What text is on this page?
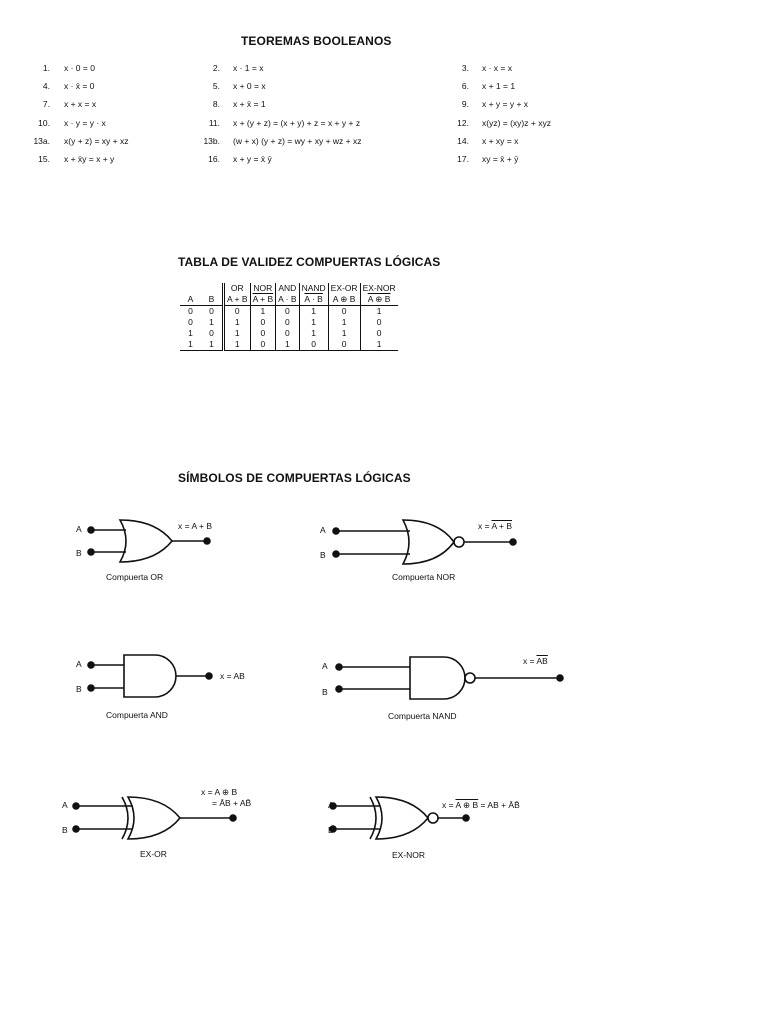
TEOREMAS BOOLEANOS
1. x · 0 = 0	2. x · 1 = x	3. x · x = x
4. x · x̄ = 0	5. x + 0 = x	6. x + 1 = 1
7. x + x = x	8. x + x̄ = 1	9. x + y = y + x
10. x · y = y · x	11. x + (y + z) = (x + y) + z = x + y + z	12. x(yz) = (xy)z + xyz
13a. x(y + z) = xy + xz	13b. (w + x) (y + z) = wy + xy + wz + xz	14. x + xy = x
15. x + x̄y = x + y	16. x + y = x̄ ȳ	17. xy = x̄ + ȳ
TABLA DE VALIDEZ COMPUERTAS LÓGICAS
		OR	NOR	AND	NAND	EX-OR	EX-NOR
A	B	A + B	A + B	A · B	A · B	A ⊕ B	A ⊕ B
0	0	0	1	0	1	0	1
0	1	1	0	0	1	1	0
1	0	1	0	0	1	1	0
1	1	1	0	1	0	0	1
SÍMBOLOS DE COMPUERTAS LÓGICAS
A
B
x = A + B
Compuerta OR
A
B
x = A + B
Compuerta NOR
A
B
x = AB
Compuerta AND
A
B
$x = \overline{AB}$
Compuerta NAND
A
B
x = A ⊕ B
= ĀB + AB̄
EX-OR
A
B
x = A ⊕ B = AB + ĀB̄
EX-NOR
